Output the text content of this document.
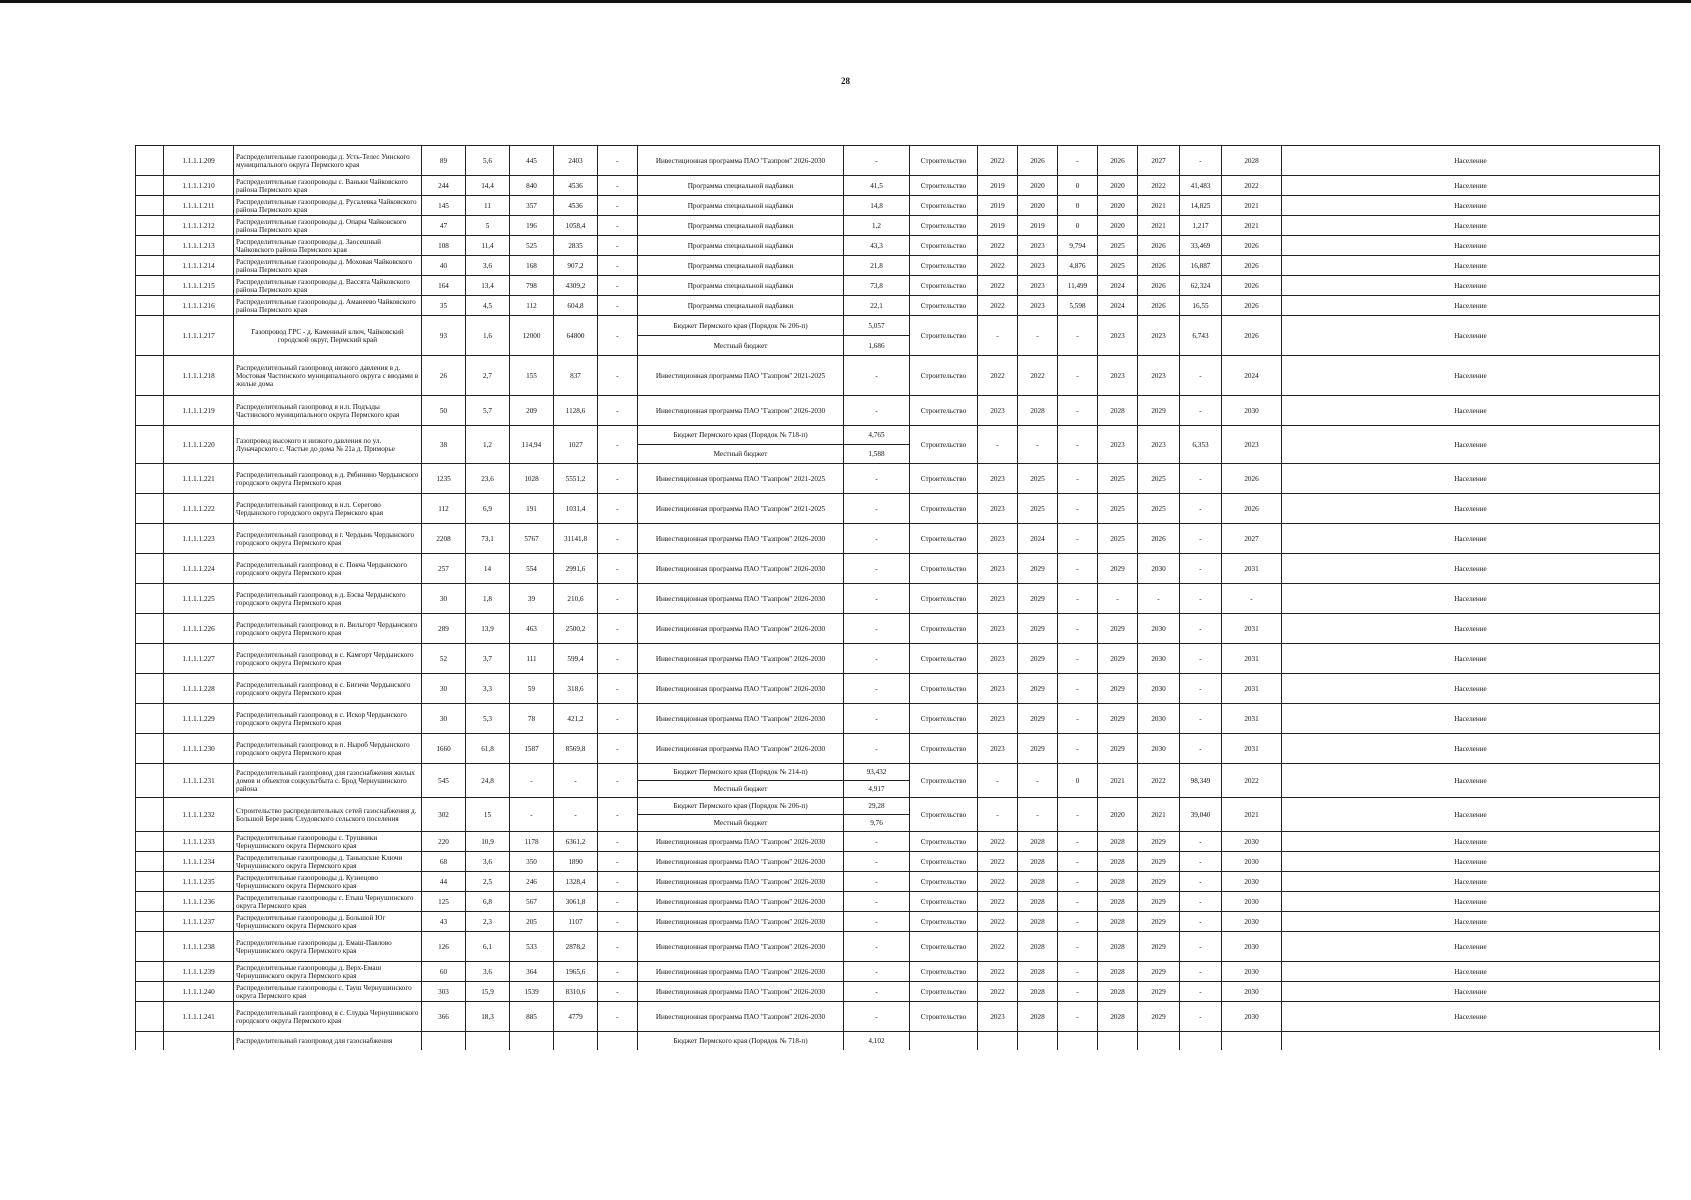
28
	1.1.1.1.209	Распределительные газопроводы д. Усть-Телес Уинского муниципального округа Пермского края	89	5,6	445	2403	-	Инвестиционная программа ПАО "Газпром" 2026-2030	-	Строительство	2022	2026	-	2026	2027	-	2028	Население
	1.1.1.1.210	Распределительные газопроводы с. Ваньки Чайковского района Пермского края	244	14,4	840	4536	-	Программа специальной надбавки	41,5	Строительство	2019	2020	0	2020	2022	41,483	2022	Население
	1.1.1.1.211	Распределительные газопроводы д. Русалевка Чайковского района Пермского края	145	11	357	4536	-	Программа специальной надбавки	14,8	Строительство	2019	2020	0	2020	2021	14,825	2021	Население
	1.1.1.1.212	Распределительные газопроводы д. Опары Чайковского района Пермского края	47	5	196	1058,4	-	Программа специальной надбавки	1,2	Строительство	2019	2019	0	2020	2021	1,217	2021	Население
	1.1.1.1.213	Распределительные газопроводы д. Заосешный Чайковского района Пермского края	108	11,4	525	2835	-	Программа специальной надбавки	43,3	Строительство	2022	2023	9,794	2025	2026	33,469	2026	Население
	1.1.1.1.214	Распределительные газопроводы д. Моховая Чайковского района Пермского края	40	3,6	168	907,2	-	Программа специальной надбавки	21,8	Строительство	2022	2023	4,876	2025	2026	16,887	2026	Население
	1.1.1.1.215	Распределительные газопроводы д. Вассята Чайковского района Пермского края	164	13,4	798	4309,2	-	Программа специальной надбавки	73,8	Строительство	2022	2023	11,499	2024	2026	62,324	2026	Население
	1.1.1.1.216	Распределительные газопроводы д. Аманеево Чайковского района Пермского края	35	4,5	112	604,8	-	Программа специальной надбавки	22,1	Строительство	2022	2023	5,598	2024	2026	16,55	2026	Население
	1.1.1.1.217	Газопровод ГРС - д. Каменный ключ, Чайковский городской округ, Пермский край	93	1,6	12000	64800	-	Бюджет Пермского края (Порядок № 206-п)	5,057	Строительство	-	-	-	2023	2023	6,743	2026	Население
								Местный бюджет	1,686									
	1.1.1.1.218	Распределительный газопровод низкого давления в д. Мостовая Частинского муниципального округа с вводами в жилые дома	26	2,7	155	837	-	Инвестиционная программа ПАО "Газпром" 2021-2025	-	Строительство	2022	2022	-	2023	2023	-	2024	Население
	1.1.1.1.219	Распределительный газопровод в н.п. Подъзды Частинского муниципального округа Пермского края	50	5,7	209	1128,6	-	Инвестиционная программа ПАО "Газпром" 2026-2030	-	Строительство	2023	2028	-	2028	2029	-	2030	Население
	1.1.1.1.220	Газопровод высокого и низкого давления по ул. Луначарского с. Частые до дома № 21а д. Приморье	38	1,2	114,94	1027	-	Бюджет Пермского края (Порядок № 718-п)	4,765	Строительство	-	-	-	2023	2023	6,353	2023	Население
								Местный бюджет	1,588									
	1.1.1.1.221	Распределительный газопровод в д. Рябинино Чердынского городского округа Пермского края	1235	23,6	1028	5551,2	-	Инвестиционная программа ПАО "Газпром" 2021-2025	-	Строительство	2023	2025	-	2025	2025	-	2026	Население
	1.1.1.1.222	Распределительный газопровод в н.п. Серегово Чердынского городского округа Пермского края	112	6,9	191	1031,4	-	Инвестиционная программа ПАО "Газпром" 2021-2025	-	Строительство	2023	2025	-	2025	2025	-	2026	Население
	1.1.1.1.223	Распределительный газопровод в г. Чердынь Чердынского городского округа Пермского края	2208	73,1	5767	31141,8	-	Инвестиционная программа ПАО "Газпром" 2026-2030	-	Строительство	2023	2024	-	2025	2026	-	2027	Население
	1.1.1.1.224	Распределительный газопровод в с. Покча Чердынского городского округа Пермского края	257	14	554	2991,6	-	Инвестиционная программа ПАО "Газпром" 2026-2030	-	Строительство	2023	2029	-	2029	2030	-	2031	Население
	1.1.1.1.225	Распределительный газопровод в д. Бэсва Чердынского городского округа Пермского края	30	1,8	39	210,6	-	Инвестиционная программа ПАО "Газпром" 2026-2030	-	Строительство	2023	2029	-	-	-	-	-	Население
	1.1.1.1.226	Распределительный газопровод в п. Вильгорт Чердынского городского округа Пермского края	289	13,9	463	2500,2	-	Инвестиционная программа ПАО "Газпром" 2026-2030	-	Строительство	2023	2029	-	2029	2030	-	2031	Население
	1.1.1.1.227	Распределительный газопровод в с. Камгорт Чердынского городского округа Пермского края	52	3,7	111	599,4	-	Инвестиционная программа ПАО "Газпром" 2026-2030	-	Строительство	2023	2029	-	2029	2030	-	2031	Население
	1.1.1.1.228	Распределительный газопровод в с. Бигичи Чердынского городского округа Пермского края	30	3,3	59	318,6	-	Инвестиционная программа ПАО "Газпром" 2026-2030	-	Строительство	2023	2029	-	2029	2030	-	2031	Население
	1.1.1.1.229	Распределительный газопровод в с. Искор Чердынского городского округа Пермского края	30	5,3	78	421,2	-	Инвестиционная программа ПАО "Газпром" 2026-2030	-	Строительство	2023	2029	-	2029	2030	-	2031	Население
	1.1.1.1.230	Распределительный газопровод в п. Ныроб Чердынского городского округа Пермского края	1660	61,8	1587	8569,8	-	Инвестиционная программа ПАО "Газпром" 2026-2030	-	Строительство	2023	2029	-	2029	2030	-	2031	Население
	1.1.1.1.231	Распределительный газопровод для газоснабжения жилых домов и объектов соцкультбыта с. Брод Чернушинского района	545	24,8	-	-	-	Бюджет Пермского края (Порядок № 214-п)	93,432	Строительство	-	-	0	2021	2022	98,349	2022	Население
								Местный бюджет	4,917									
	1.1.1.1.232	Строительство распределительных сетей газоснабжения д. Большой Березник Слудовского сельского поселения	302	15	-	-	-	Бюджет Пермского края (Порядок № 206-п)	29,28	Строительство	-	-	-	2020	2021	39,040	2021	Население
								Местный бюджет	9,76									
	1.1.1.1.233	Распределительные газопроводы с. Трушники Чернушинского округа Пермского края	220	10,9	1178	6361,2	-	Инвестиционная программа ПАО "Газпром" 2026-2030	-	Строительство	2022	2028	-	2028	2029	-	2030	Население
	1.1.1.1.234	Распределительные газопроводы д. Таныпские Ключи Чернушинского округа Пермского края	68	3,6	350	1890	-	Инвестиционная программа ПАО "Газпром" 2026-2030	-	Строительство	2022	2028	-	2028	2029	-	2030	Население
	1.1.1.1.235	Распределительные газопроводы д. Кузнецово Чернушинского округа Пермского края	44	2,5	246	1328,4	-	Инвестиционная программа ПАО "Газпром" 2026-2030	-	Строительство	2022	2028	-	2028	2029	-	2030	Население
	1.1.1.1.236	Распределительные газопроводы с. Етыш Чернушинского округа Пермского края	125	6,8	567	3061,8	-	Инвестиционная программа ПАО "Газпром" 2026-2030	-	Строительство	2022	2028	-	2028	2029	-	2030	Население
	1.1.1.1.237	Распределительные газопроводы д. Большой Юг Чернушинского округа Пермского края	43	2,3	205	1107	-	Инвестиционная программа ПАО "Газпром" 2026-2030	-	Строительство	2022	2028	-	2028	2029	-	2030	Население
	1.1.1.1.238	Распределительные газопроводы д. Емаш-Павлово Чернушинского округа Пермского края	126	6,1	533	2878,2	-	Инвестиционная программа ПАО "Газпром" 2026-2030	-	Строительство	2022	2028	-	2028	2029	-	2030	Население
	1.1.1.1.239	Распределительные газопроводы д. Верх-Емаш Чернушинского округа Пермского края	60	3,6	364	1965,6	-	Инвестиционная программа ПАО "Газпром" 2026-2030	-	Строительство	2022	2028	-	2028	2029	-	2030	Население
	1.1.1.1.240	Распределительные газопроводы с. Тауш Чернушинского округа Пермского края	303	15,9	1539	8310,6	-	Инвестиционная программа ПАО "Газпром" 2026-2030	-	Строительство	2022	2028	-	2028	2029	-	2030	Население
	1.1.1.1.241	Распределительный газопровод в с. Слудка Чернушинского городского округа Пермского края	366	18,3	885	4779	-	Инвестиционная программа ПАО "Газпром" 2026-2030	-	Строительство	2023	2028	-	2028	2029	-	2030	Население
		Распределительный газопровод для газоснабжения						Бюджет Пермского края (Порядок № 718-п)	4,102									
